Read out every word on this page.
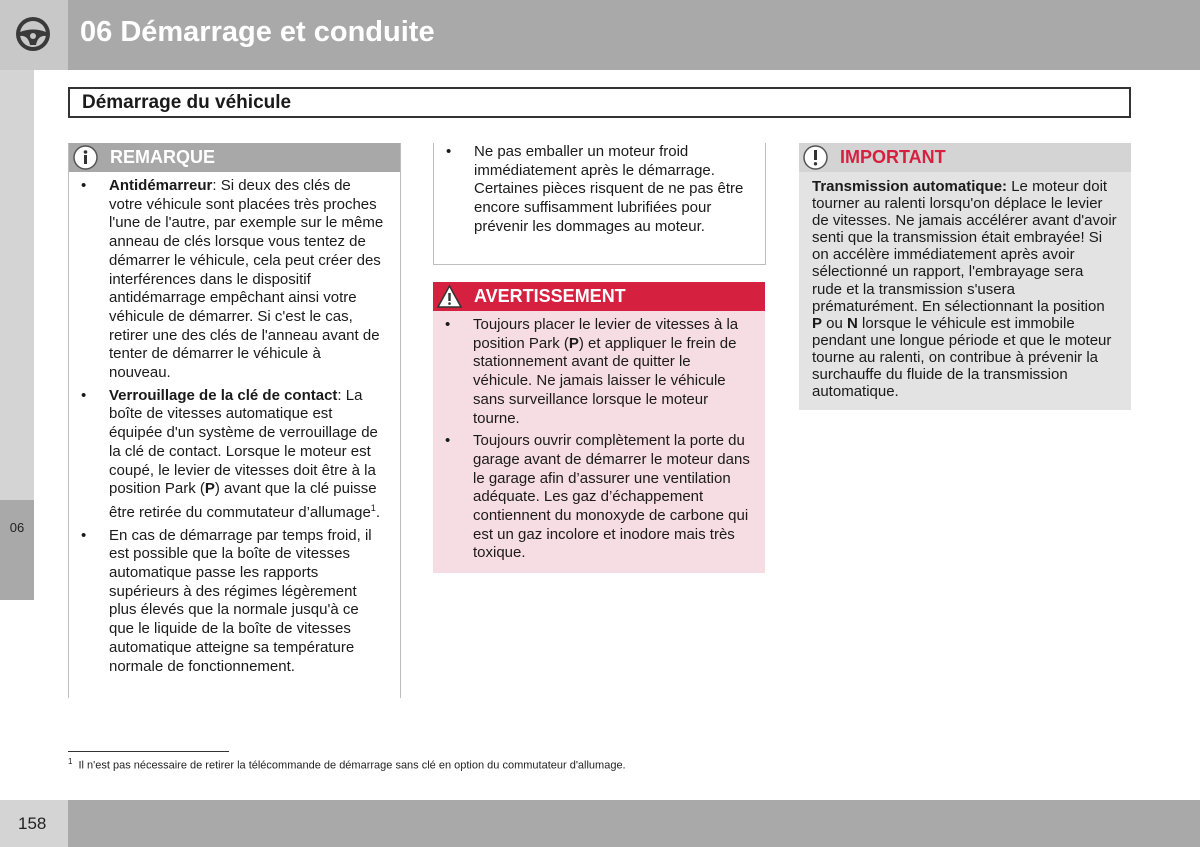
06 Démarrage et conduite
06
Démarrage du véhicule
REMARQUE
• Antidémarreur: Si deux des clés de votre véhicule sont placées très proches l'une de l'autre, par exemple sur le même anneau de clés lorsque vous tentez de démarrer le véhicule, cela peut créer des interférences dans le dispositif antidémarrage empêchant ainsi votre véhicule de démarrer. Si c'est le cas, retirer une des clés de l'anneau avant de tenter de démarrer le véhicule à nouveau.
• Verrouillage de la clé de contact: La boîte de vitesses automatique est équipée d'un système de verrouillage de la clé de contact. Lorsque le moteur est coupé, le levier de vitesses doit être à la position Park (P) avant que la clé puisse être retirée du commutateur d’allumage$^1$.
• En cas de démarrage par temps froid, il est possible que la boîte de vitesses automatique passe les rapports supérieurs à des régimes légèrement plus élevés que la normale jusqu'à ce que le liquide de la boîte de vitesses automatique atteigne sa température normale de fonctionnement.
• Ne pas emballer un moteur froid immédiatement après le démarrage. Certaines pièces risquent de ne pas être encore suffisamment lubrifiées pour prévenir les dommages au moteur.
AVERTISSEMENT
• Toujours placer le levier de vitesses à la position Park (P) et appliquer le frein de stationnement avant de quitter le véhicule. Ne jamais laisser le véhicule sans surveillance lorsque le moteur tourne.
• Toujours ouvrir complètement la porte du garage avant de démarrer le moteur dans le garage afin d’assurer une ventilation adéquate. Les gaz d’échappement contiennent du monoxyde de carbone qui est un gaz incolore et inodore mais très toxique.
IMPORTANT

Transmission automatique: Le moteur doit tourner au ralenti lorsqu'on déplace le levier de vitesses. Ne jamais accélérer avant d'avoir senti que la transmission était embrayée! Si on accélère immédiatement après avoir sélectionné un rapport, l'embrayage sera rude et la transmission s'usera prématurément. En sélectionnant la position P ou N lorsque le véhicule est immobile pendant une longue période et que le moteur tourne au ralenti, on contribue à prévenir la surchauffe du fluide de la transmission automatique.

$^1$ Il n'est pas nécessaire de retirer la télécommande de démarrage sans clé en option du commutateur d'allumage.

158
